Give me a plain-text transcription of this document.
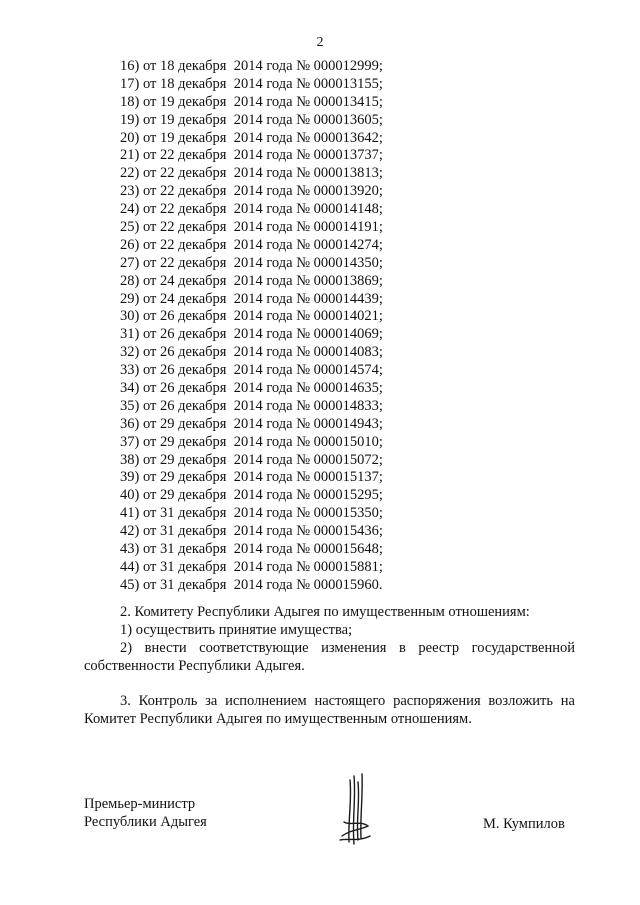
2
16) от 18 декабря  2014 года № 000012999;
17) от 18 декабря  2014 года № 000013155;
18) от 19 декабря  2014 года № 000013415;
19) от 19 декабря  2014 года № 000013605;
20) от 19 декабря  2014 года № 000013642;
21) от 22 декабря  2014 года № 000013737;
22) от 22 декабря  2014 года № 000013813;
23) от 22 декабря  2014 года № 000013920;
24) от 22 декабря  2014 года № 000014148;
25) от 22 декабря  2014 года № 000014191;
26) от 22 декабря  2014 года № 000014274;
27) от 22 декабря  2014 года № 000014350;
28) от 24 декабря  2014 года № 000013869;
29) от 24 декабря  2014 года № 000014439;
30) от 26 декабря  2014 года № 000014021;
31) от 26 декабря  2014 года № 000014069;
32) от 26 декабря  2014 года № 000014083;
33) от 26 декабря  2014 года № 000014574;
34) от 26 декабря  2014 года № 000014635;
35) от 26 декабря  2014 года № 000014833;
36) от 29 декабря  2014 года № 000014943;
37) от 29 декабря  2014 года № 000015010;
38) от 29 декабря  2014 года № 000015072;
39) от 29 декабря  2014 года № 000015137;
40) от 29 декабря  2014 года № 000015295;
41) от 31 декабря  2014 года № 000015350;
42) от 31 декабря  2014 года № 000015436;
43) от 31 декабря  2014 года № 000015648;
44) от 31 декабря  2014 года № 000015881;
45) от 31 декабря  2014 года № 000015960.
2. Комитету Республики Адыгея по имущественным отношениям:
1) осуществить принятие имущества;
2) внести соответствующие изменения в реестр государственной собственности Республики Адыгея.
3. Контроль за исполнением настоящего распоряжения возложить на Комитет Республики Адыгея по имущественным отношениям.
Премьер-министр
Республики Адыгея	М. Кумпилов
